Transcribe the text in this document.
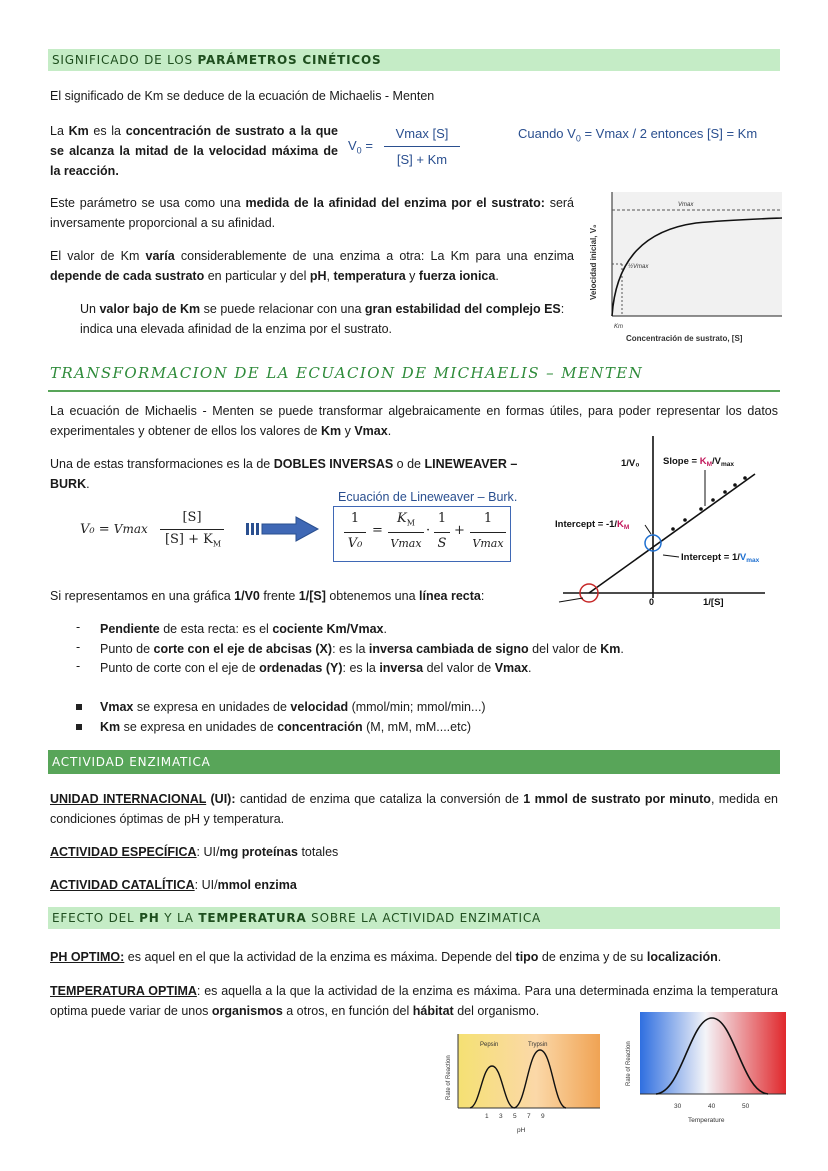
SIGNIFICADO DE LOS PARÁMETROS CINÉTICOS
El significado de Km se deduce de la ecuación de Michaelis - Menten
La Km es la concentración de sustrato a la que se alcanza la mitad de la velocidad máxima de la reacción.
$V_0$ =
Vmax [S]
[S] + Km
Cuando $V_0 = Vmax / 2$ entonces [S] = Km
Este parámetro se usa como una medida de la afinidad del enzima por el sustrato: será inversamente proporcional a su afinidad.
El valor de Km varía considerablemente de una enzima a otra: La Km para una enzima depende de cada sustrato en particular y del pH, temperatura y fuerza ionica.
Un valor bajo de Km se puede relacionar con una gran estabilidad del complejo ES: indica una elevada afinidad de la enzima por el sustrato.
Vmax
½Vmax
Km
Concentración de sustrato, [S]
Velocidad inicial, V₀
TRANSFORMACION DE LA ECUACION DE MICHAELIS – MENTEN
La ecuación de Michaelis - Menten se puede transformar algebraicamente en formas útiles, para poder representar los datos experimentales y obtener de ellos los valores de Km y Vmax.
Una de estas transformaciones es la de DOBLES INVERSAS o de LINEWEAVER – BURK.
V₀ = Vmax
[S]
$[S] + K_M$
Ecuación de Lineweaver – Burk.
1
V₀
=
$K_M$
Vmax
·
1
S
+
1
Vmax
1/V₀ Slope = $K_M/V_{max}$
Intercept = $-1/K_M$
Intercept = $1/V_{max}$
0	1/[S]
Si representamos en una gráfica 1/V0 frente 1/[S] obtenemos una línea recta:
- Pendiente de esta recta: es el cociente Km/Vmax.
- Punto de corte con el eje de abcisas (X): es la inversa cambiada de signo del valor de Km.
- Punto de corte con el eje de ordenadas (Y): es la inversa del valor de Vmax.
Vmax se expresa en unidades de velocidad (mmol/min; mmol/min...)
Km se expresa en unidades de concentración (M, mM, mM....etc)
ACTIVIDAD ENZIMATICA
UNIDAD INTERNACIONAL (UI): cantidad de enzima que cataliza la conversión de 1 mmol de sustrato por minuto, medida en condiciones óptimas de pH y temperatura.
ACTIVIDAD ESPECÍFICA: UI/mg proteínas totales
ACTIVIDAD CATALÍTICA: UI/mmol enzima
EFECTO DEL PH Y LA TEMPERATURA SOBRE LA ACTIVIDAD ENZIMATICA
PH OPTIMO: es aquel en el que la actividad de la enzima es máxima. Depende del tipo de enzima y de su localización.
TEMPERATURA OPTIMA: es aquella a la que la actividad de la enzima es máxima. Para una determinada enzima la temperatura optima puede variar de unos organismos a otros, en función del hábitat del organismo.
Pepsin	Trypsin
1 3 5 7 9
pH
Rate of Reaction
30	40	50
Temperature
Rate of Reaction
